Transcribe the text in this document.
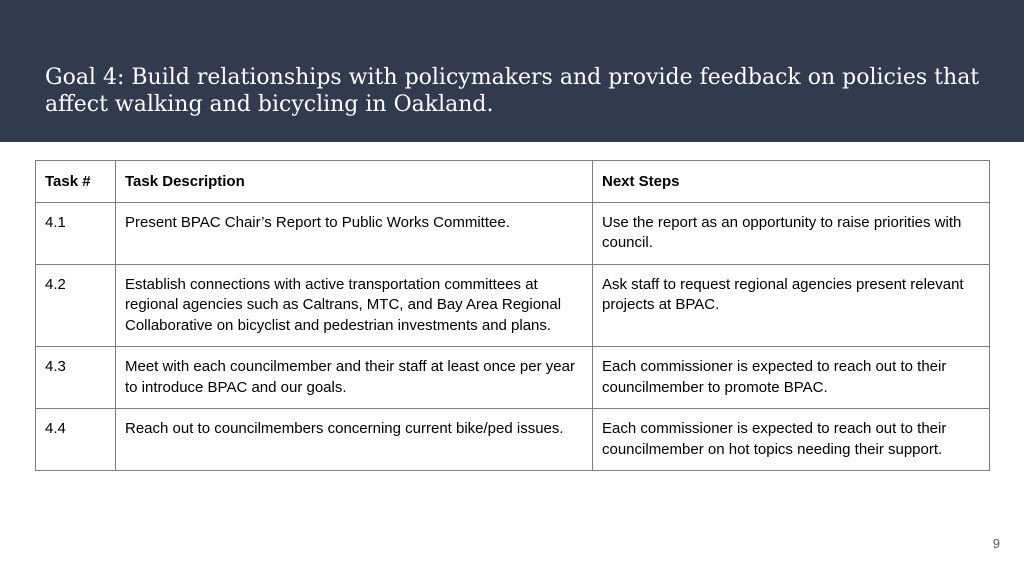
Goal 4: Build relationships with policymakers and provide feedback on policies that affect walking and bicycling in Oakland.
Task #	Task Description	Next Steps
4.1	Present BPAC Chair’s Report to Public Works Committee.	Use the report as an opportunity to raise priorities with council.
4.2	Establish connections with active transportation committees at regional agencies such as Caltrans, MTC, and Bay Area Regional Collaborative on bicyclist and pedestrian investments and plans.	Ask staff to request regional agencies present relevant projects at BPAC.
4.3	Meet with each councilmember and their staff at least once per year to introduce BPAC and our goals.	Each commissioner is expected to reach out to their councilmember to promote BPAC.
4.4	Reach out to councilmembers concerning current bike/ped issues.	Each commissioner is expected to reach out to their councilmember on hot topics needing their support.
9
